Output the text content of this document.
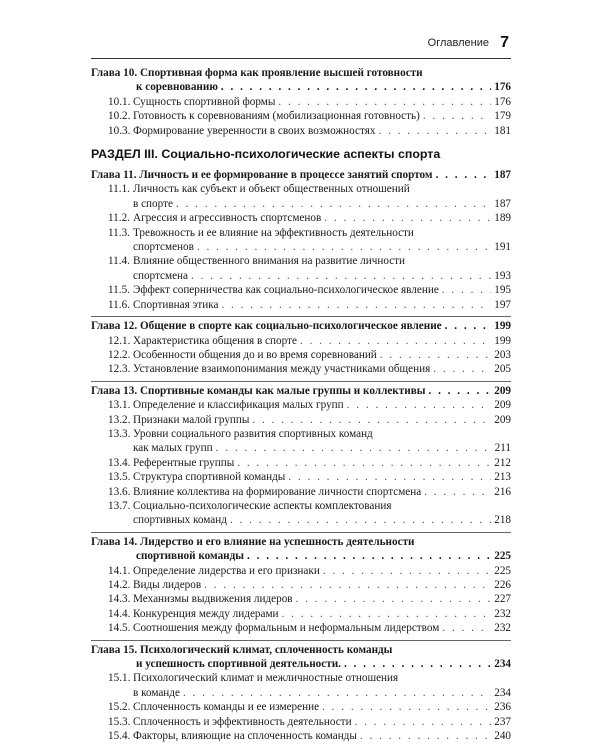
Оглавление 7
Глава 10. Спортивная форма как проявление высшей готовности
к соревнованию . . .	176
10.1. Сущность спортивной формы . . .	176
10.2. Готовность к соревнованиям (мобилизационная готовность) . . .	179
10.3. Формирование уверенности в своих возможностях . . .	181
РАЗДЕЛ III. Социально-психологические аспекты спорта
Глава 11. Личность и ее формирование в процессе занятий спортом . . .	187
11.1. Личность как субъект и объект общественных отношений
в спорте . . .	187
11.2. Агрессия и агрессивность спортсменов . . .	189
11.3. Тревожность и ее влияние на эффективность деятельности
спортсменов . . .	191
11.4. Влияние общественного внимания на развитие личности
спортсмена . . .	193
11.5. Эффект соперничества как социально-психологическое явление . . .	195
11.6. Спортивная этика . . .	197
Глава 12. Общение в спорте как социально-психологическое явление . . .	199
12.1. Характеристика общения в спорте . . .	199
12.2. Особенности общения до и во время соревнований . . .	203
12.3. Установление взаимопонимания между участниками общения . . .	205
Глава 13. Спортивные команды как малые группы и коллективы . . .	209
13.1. Определение и классификация малых групп . . .	209
13.2. Признаки малой группы . . .	209
13.3. Уровни социального развития спортивных команд
как малых групп . . .	211
13.4. Референтные группы . . .	212
13.5. Структура спортивной команды . . .	213
13.6. Влияние коллектива на формирование личности спортсмена . . .	216
13.7. Социально-психологические аспекты комплектования
спортивных команд . . .	218
Глава 14. Лидерство и его влияние на успешность деятельности
спортивной команды . . .	225
14.1. Определение лидерства и его признаки . . .	225
14.2. Виды лидеров . . .	226
14.3. Механизмы выдвижения лидеров . . .	227
14.4. Конкуренция между лидерами . . .	232
14.5. Соотношения между формальным и неформальным лидерством . . .	232
Глава 15. Психологический климат, сплоченность команды
и успешность спортивной деятельности. . . .	234
15.1. Психологический климат и межличностные отношения
в команде . . .	234
15.2. Сплоченность команды и ее измерение . . .	236
15.3. Сплоченность и эффективность деятельности . . .	237
15.4. Факторы, влияющие на сплоченность команды . . .	240
